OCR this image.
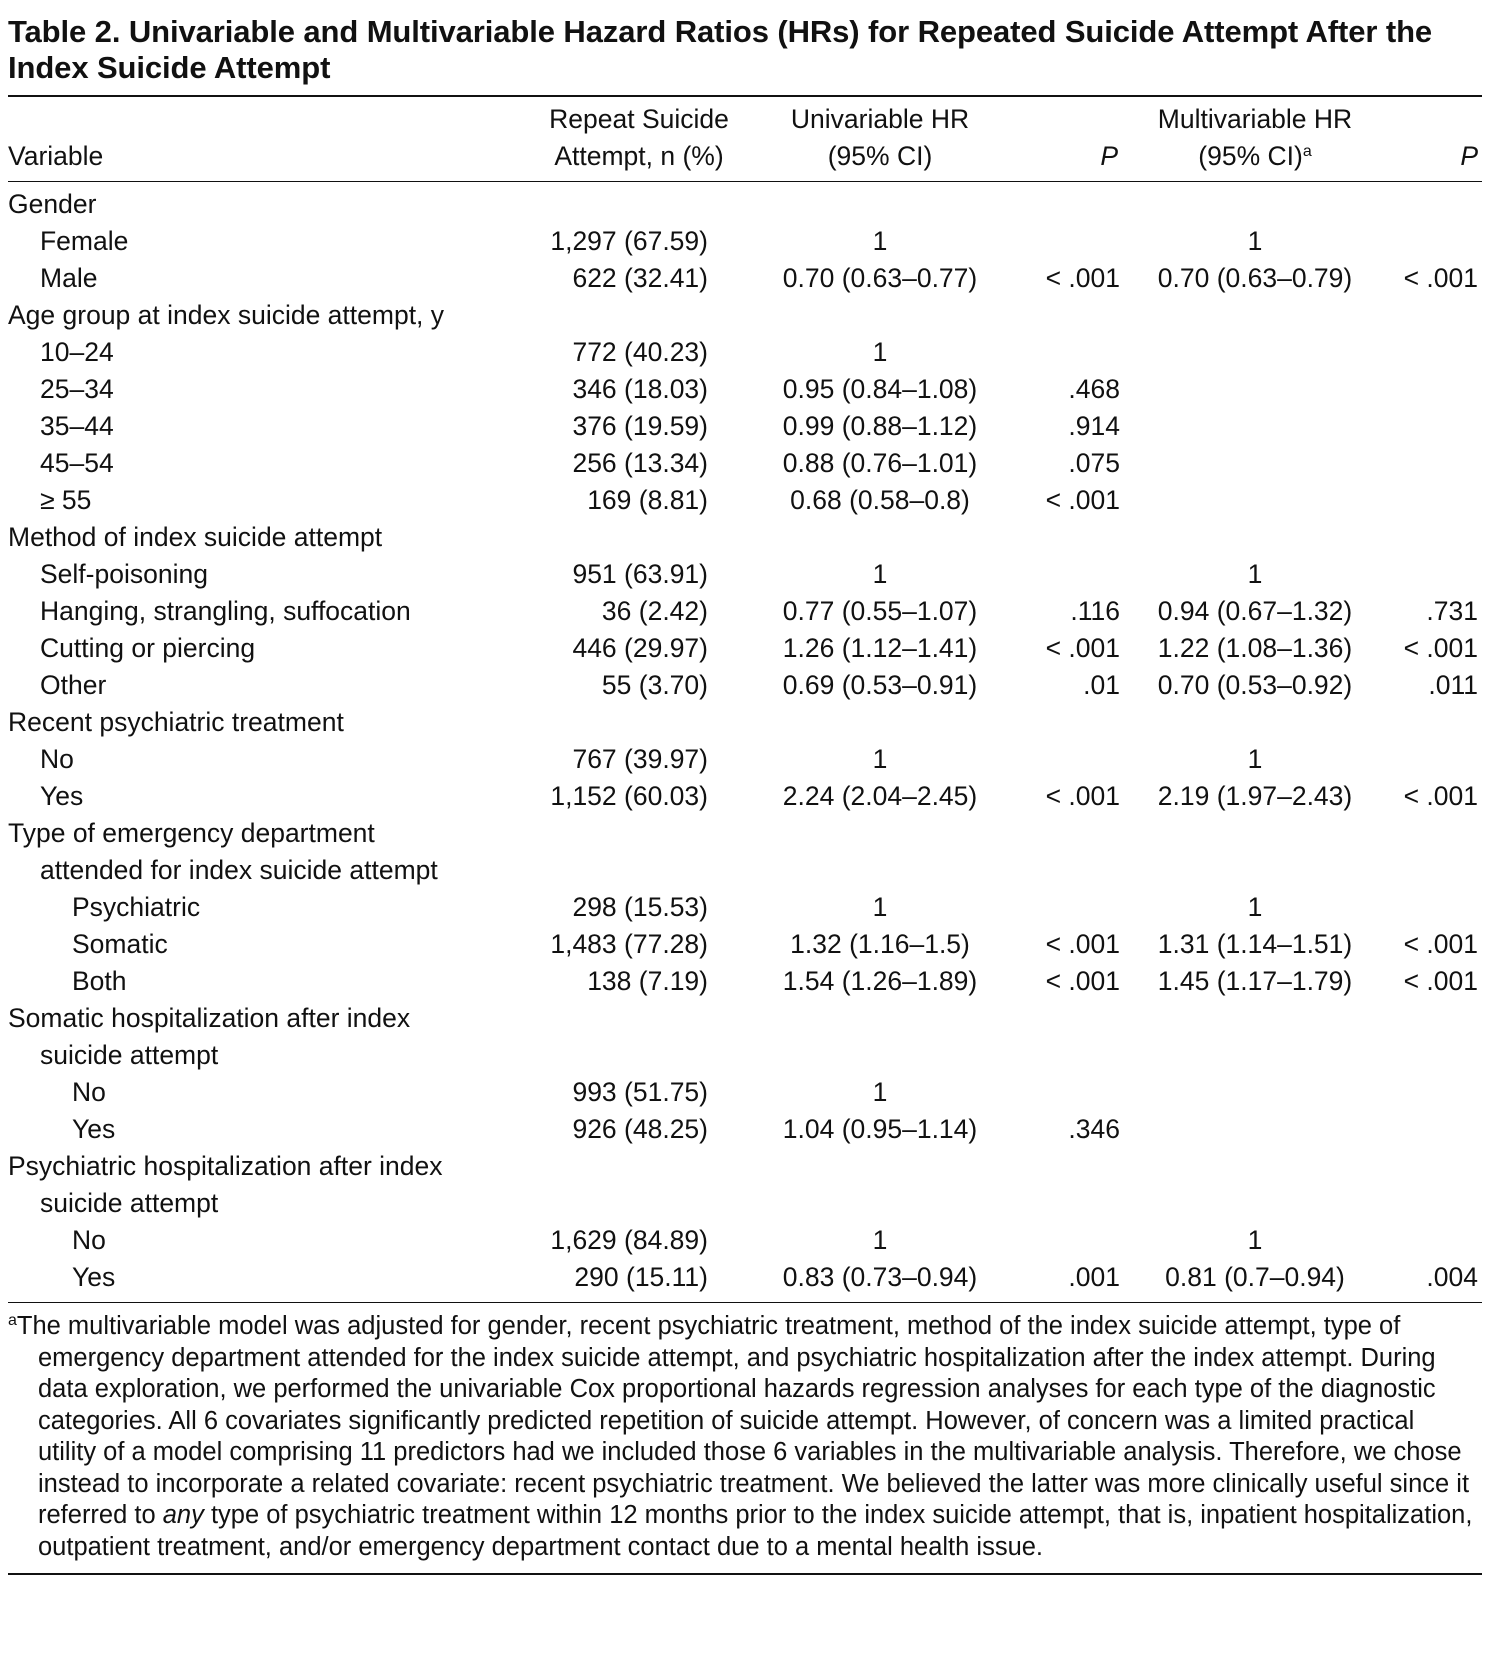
Table 2. Univariable and Multivariable Hazard Ratios (HRs) for Repeated Suicide Attempt After the Index Suicide Attempt
Variable	Repeat Suicide Attempt, n (%)	Univariable HR (95% CI)	P	Multivariable HR (95% CI)$^a$	P
Gender					
Female	1,297 (67.59)	1		1	
Male	622 (32.41)	0.70 (0.63–0.77)	< .001	0.70 (0.63–0.79)	< .001
Age group at index suicide attempt, y					
10–24	772 (40.23)	1			
25–34	346 (18.03)	0.95 (0.84–1.08)	.468		
35–44	376 (19.59)	0.99 (0.88–1.12)	.914		
45–54	256 (13.34)	0.88 (0.76–1.01)	.075		
≥ 55	169 (8.81)	0.68 (0.58–0.8)	< .001		
Method of index suicide attempt					
Self-poisoning	951 (63.91)	1		1	
Hanging, strangling, suffocation	36 (2.42)	0.77 (0.55–1.07)	.116	0.94 (0.67–1.32)	.731
Cutting or piercing	446 (29.97)	1.26 (1.12–1.41)	< .001	1.22 (1.08–1.36)	< .001
Other	55 (3.70)	0.69 (0.53–0.91)	.01	0.70 (0.53–0.92)	.011
Recent psychiatric treatment					
No	767 (39.97)	1		1	
Yes	1,152 (60.03)	2.24 (2.04–2.45)	< .001	2.19 (1.97–2.43)	< .001
Type of emergency department					
attended for index suicide attempt					
Psychiatric	298 (15.53)	1		1	
Somatic	1,483 (77.28)	1.32 (1.16–1.5)	< .001	1.31 (1.14–1.51)	< .001
Both	138 (7.19)	1.54 (1.26–1.89)	< .001	1.45 (1.17–1.79)	< .001
Somatic hospitalization after index					
suicide attempt					
No	993 (51.75)	1			
Yes	926 (48.25)	1.04 (0.95–1.14)	.346		
Psychiatric hospitalization after index					
suicide attempt					
No	1,629 (84.89)	1		1	
Yes	290 (15.11)	0.83 (0.73–0.94)	.001	0.81 (0.7–0.94)	.004

$^a$The multivariable model was adjusted for gender, recent psychiatric treatment, method of the index suicide attempt, type of emergency department attended for the index suicide attempt, and psychiatric hospitalization after the index attempt. During data exploration, we performed the univariable Cox proportional hazards regression analyses for each type of the diagnostic categories. All 6 covariates significantly predicted repetition of suicide attempt. However, of concern was a limited practical utility of a model comprising 11 predictors had we included those 6 variables in the multivariable analysis. Therefore, we chose instead to incorporate a related covariate: recent psychiatric treatment. We believed the latter was more clinically useful since it referred to any type of psychiatric treatment within 12 months prior to the index suicide attempt, that is, inpatient hospitalization, outpatient treatment, and/or emergency department contact due to a mental health issue.
